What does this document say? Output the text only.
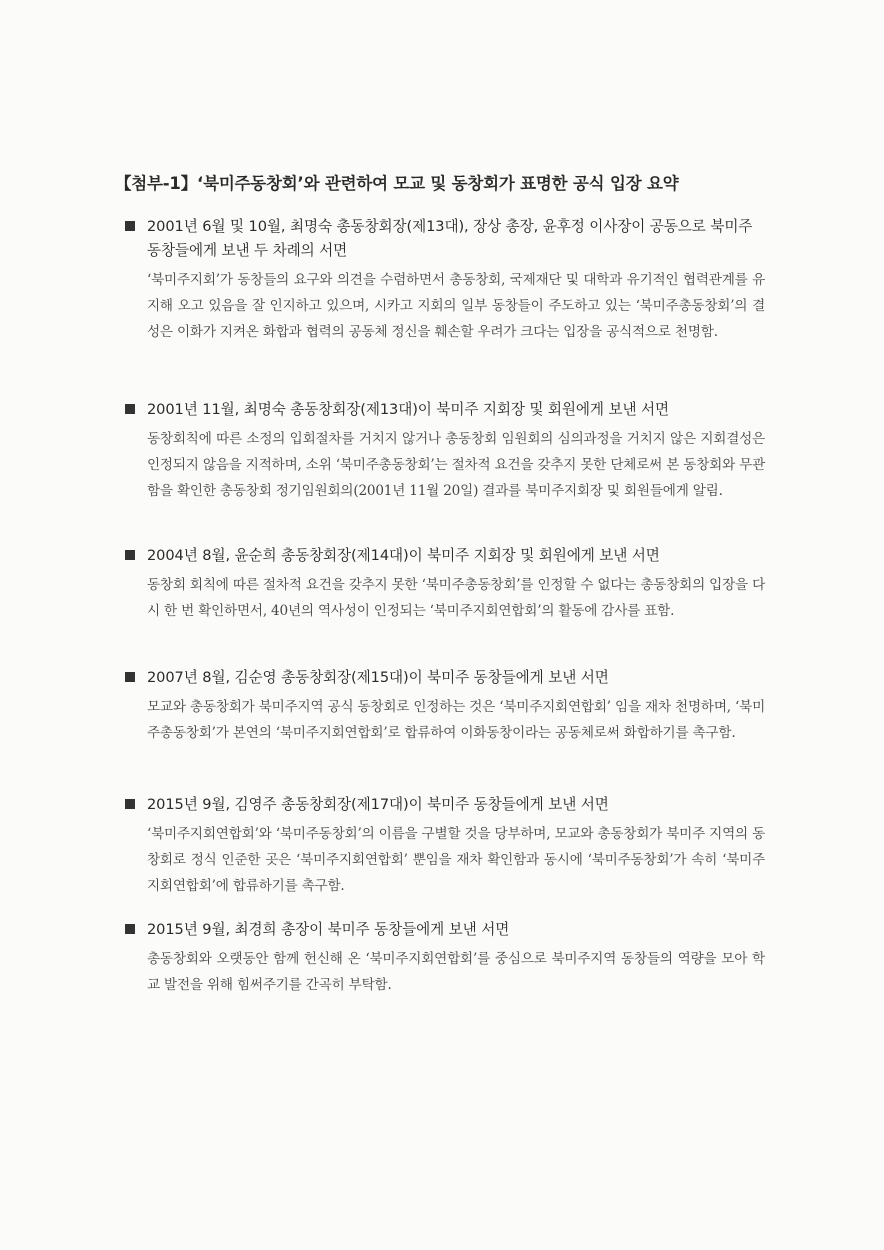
【첨부-1】‘북미주동창회’와 관련하여 모교 및 동창회가 표명한 공식 입장 요약
2001년 6월 및 10월, 최명숙 총동창회장(제13대), 장상 총장, 윤후정 이사장이 공동으로 북미주 동창들에게 보낸 두 차례의 서면
‘북미주지회’가 동창들의 요구와 의견을 수렴하면서 총동창회, 국제재단 및 대학과 유기적인 협력관계를 유지해 오고 있음을 잘 인지하고 있으며, 시카고 지회의 일부 동창들이 주도하고 있는 ‘북미주총동창회’의 결성은 이화가 지켜온 화합과 협력의 공동체 정신을 훼손할 우려가 크다는 입장을 공식적으로 천명함.
2001년 11월, 최명숙 총동창회장(제13대)이 북미주 지회장 및 회원에게 보낸 서면
동창회칙에 따른 소정의 입회절차를 거치지 않거나 총동창회 임원회의 심의과정을 거치지 않은 지회결성은 인정되지 않음을 지적하며, 소위 ‘북미주총동창회’는 절차적 요건을 갖추지 못한 단체로써 본 동창회와 무관함을 확인한 총동창회 정기임원회의(2001년 11월 20일) 결과를 북미주지회장 및 회원들에게 알림.
2004년 8월, 윤순희 총동창회장(제14대)이 북미주 지회장 및 회원에게 보낸 서면
동창회 회칙에 따른 절차적 요건을 갖추지 못한 ‘북미주총동창회’를 인정할 수 없다는 총동창회의 입장을 다시 한 번 확인하면서, 40년의 역사성이 인정되는 ‘북미주지회연합회’의 활동에 감사를 표함.
2007년 8월, 김순영 총동창회장(제15대)이 북미주 동창들에게 보낸 서면
모교와 총동창회가 북미주지역 공식 동창회로 인정하는 것은 ‘북미주지회연합회’ 임을 재차 천명하며, ‘북미주총동창회’가 본연의 ‘북미주지회연합회’로 합류하여 이화동창이라는 공동체로써 화합하기를 촉구함.
2015년 9월, 김영주 총동창회장(제17대)이 북미주 동창들에게 보낸 서면
‘북미주지회연합회’와 ‘북미주동창회’의 이름을 구별할 것을 당부하며, 모교와 총동창회가 북미주 지역의 동창회로 정식 인준한 곳은 ‘북미주지회연합회’ 뿐임을 재차 확인함과 동시에 ‘북미주동창회’가 속히 ‘북미주지회연합회’에 합류하기를 촉구함.
2015년 9월, 최경희 총장이 북미주 동창들에게 보낸 서면
총동창회와 오랫동안 함께 헌신해 온 ‘북미주지회연합회’를 중심으로 북미주지역 동창들의 역량을 모아 학교 발전을 위해 힘써주기를 간곡히 부탁함.
